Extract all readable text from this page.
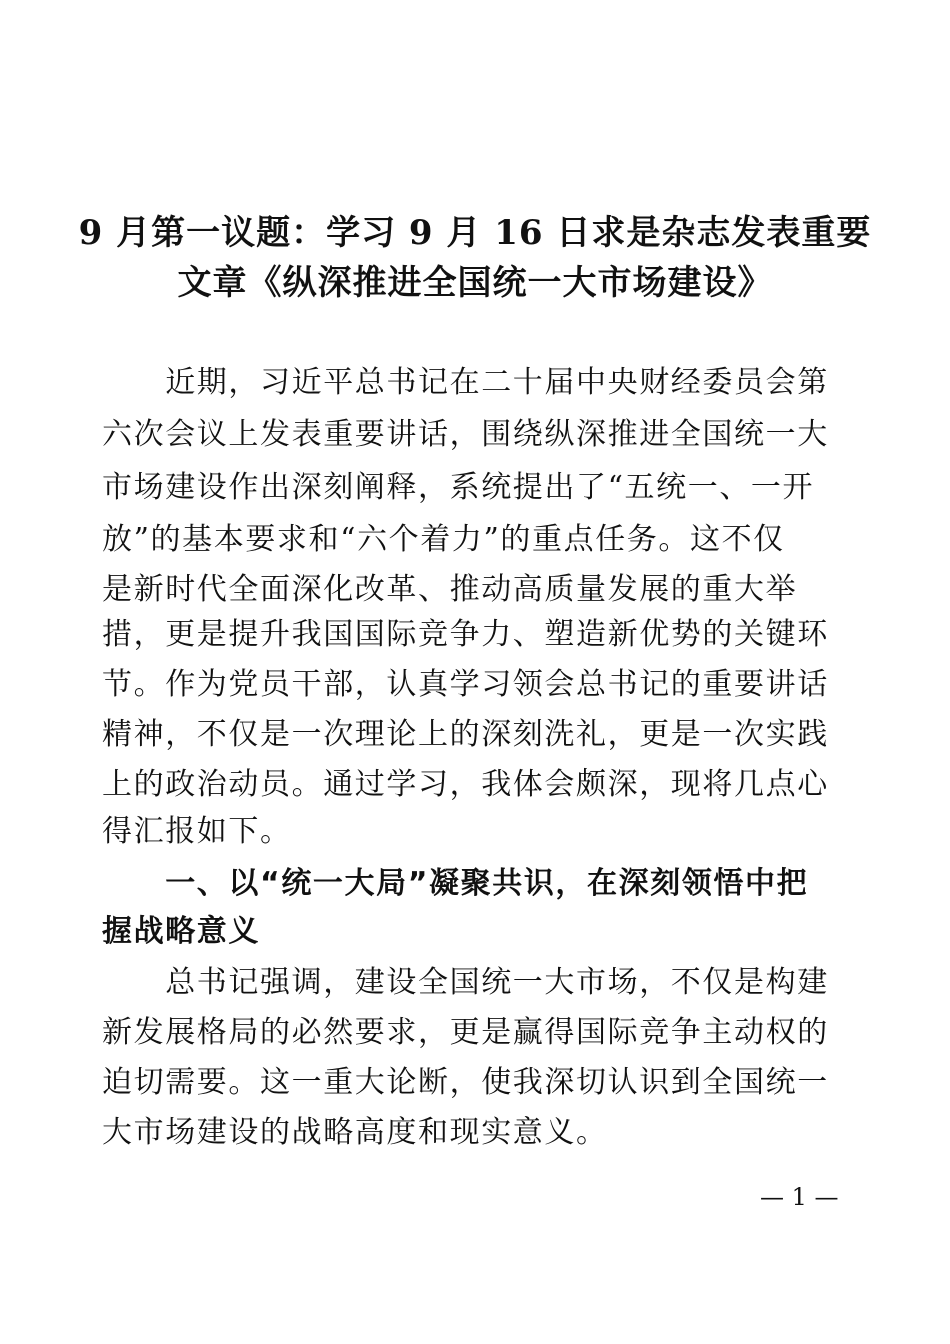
9 月第一议题：学习 9 月 16 日求是杂志发表重要
文章《纵深推进全国统一大市场建设》
　　近期，习近平总书记在二十届中央财经委员会第
六次会议上发表重要讲话，围绕纵深推进全国统一大
市场建设作出深刻阐释，系统提出了“五统一、一开
放”的基本要求和“六个着力”的重点任务。这不仅
是新时代全面深化改革、推动高质量发展的重大举
措，更是提升我国国际竞争力、塑造新优势的关键环
节。作为党员干部，认真学习领会总书记的重要讲话
精神，不仅是一次理论上的深刻洗礼，更是一次实践
上的政治动员。通过学习，我体会颇深，现将几点心
得汇报如下。
　　一、以“统一大局”凝聚共识，在深刻领悟中把
握战略意义
　　总书记强调，建设全国统一大市场，不仅是构建
新发展格局的必然要求，更是赢得国际竞争主动权的
迫切需要。这一重大论断，使我深切认识到全国统一
大市场建设的战略高度和现实意义。
— 1 —
